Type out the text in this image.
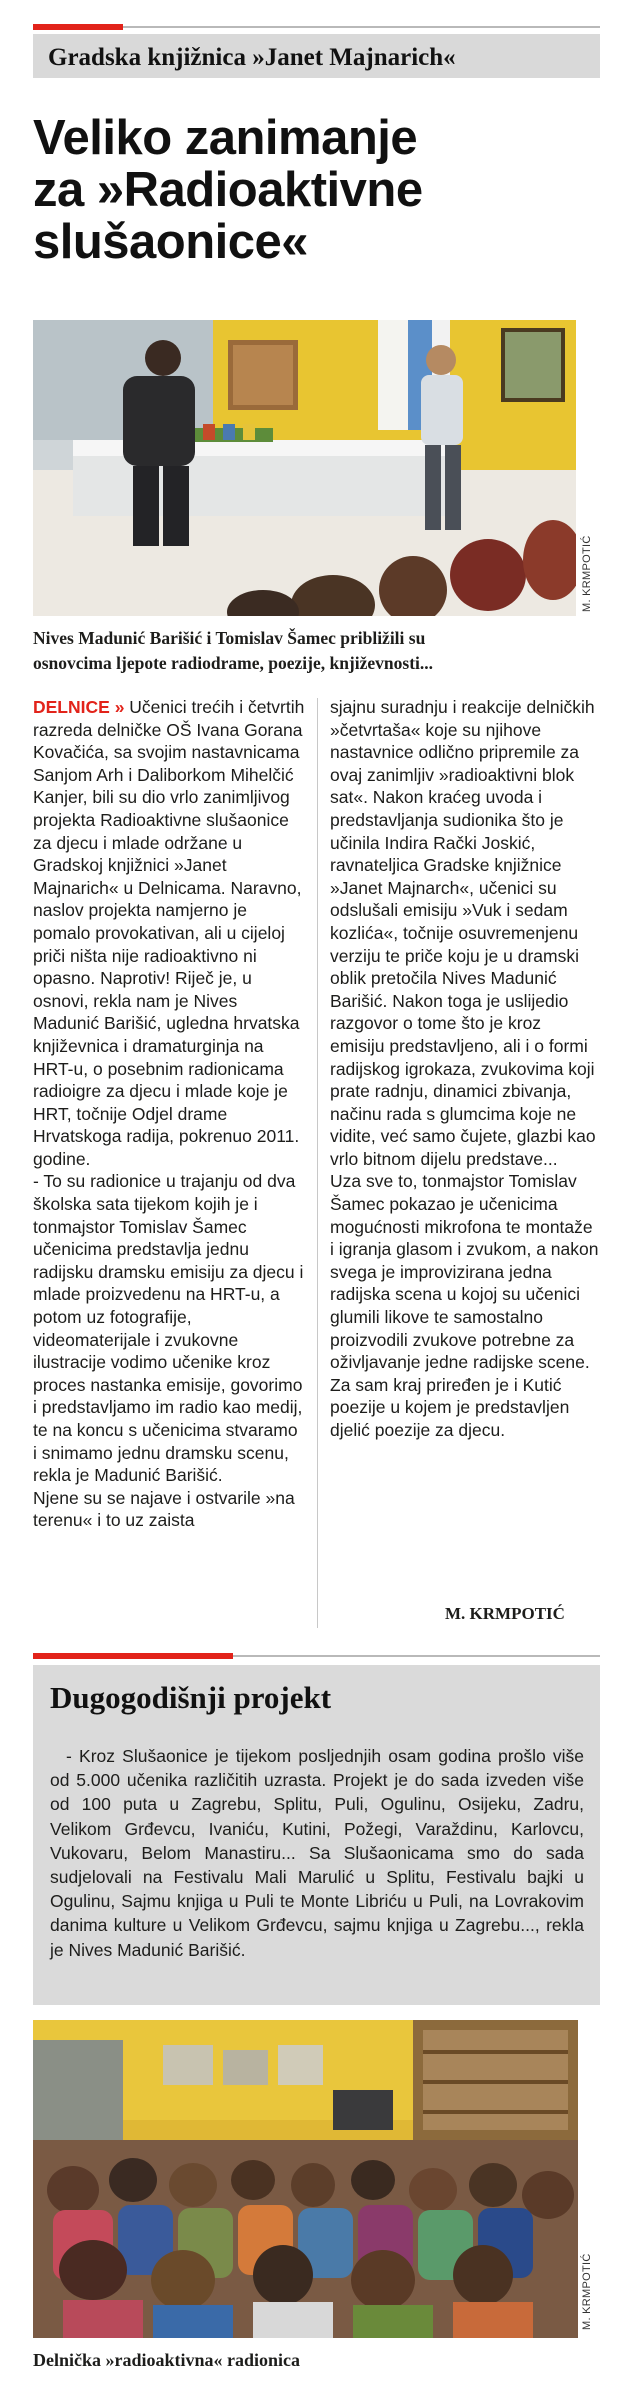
Gradska knjižnica »Janet Majnarich«
Veliko zanimanje
za »Radioaktivne
slušaonice«
M. KRMPOTIĆ
Nives Madunić Barišić i Tomislav Šamec približili su
osnovcima ljepote radiodrame, poezije, književnosti...

DELNICE » Učenici trećih i četvrtih razreda delničke OŠ Ivana Gorana Kovačića, sa svojim nastavnicama Sanjom Arh i Daliborkom Mihelčić Kanjer, bili su dio vrlo zanimljivog projekta Radioaktivne slušaonice za djecu i mlade održane u Gradskoj knjižnici »Janet Majnarich« u Delnicama. Naravno, naslov projekta namjerno je pomalo provokativan, ali u cijeloj priči ništa nije radioaktivno ni opasno. Naprotiv! Riječ je, u osnovi, rekla nam je Nives Madunić Barišić, ugledna hrvatska književnica i dramaturginja na HRT-u, o posebnim radionicama radioigre za djecu i mlade koje je HRT, točnije Odjel drame Hrvatskoga radija, pokrenuo 2011. godine.

- To su radionice u trajanju od dva školska sata tijekom kojih je i tonmajstor Tomislav Šamec učenicima predstavlja jednu radijsku dramsku emisiju za djecu i mlade proizvedenu na HRT-u, a potom uz fotografije, videomaterijale i zvukovne ilustracije vodimo učenike kroz proces nastanka emisije, govorimo i predstavljamo im radio kao medij, te na koncu s učenicima stvaramo i snimamo jednu dramsku scenu, rekla je Madunić Barišić.

Njene su se najave i ostvarile »na terenu« i to uz zaista

sjajnu suradnju i reakcije delničkih »četvrtaša« koje su njihove nastavnice odlično pripremile za ovaj zanimljiv »radioaktivni blok sat«. Nakon kraćeg uvoda i predstavljanja sudionika što je učinila Indira Rački Joskić, ravnateljica Gradske knjižnice »Janet Majnarch«, učenici su odslušali emisiju »Vuk i sedam kozlića«, točnije osuvremenjenu verziju te priče koju je u dramski oblik pretočila Nives Madunić Barišić. Nakon toga je uslijedio razgovor o tome što je kroz emisiju predstavljeno, ali i o formi radijskog igrokaza, zvukovima koji prate radnju, dinamici zbivanja, načinu rada s glumcima koje ne vidite, već samo čujete, glazbi kao vrlo bitnom dijelu predstave...

Uza sve to, tonmajstor Tomislav Šamec pokazao je učenicima mogućnosti mikrofona te montaže i igranja glasom i zvukom, a nakon svega je improvizirana jedna radijska scena u kojoj su učenici glumili likove te samostalno proizvodili zvukove potrebne za oživljavanje jedne radijske scene. Za sam kraj priređen je i Kutić poezije u kojem je predstavljen djelić poezije za djecu.

M. KRMPOTIĆ
Dugogodišnji projekt
- Kroz Slušaonice je tijekom posljednjih osam godina prošlo više od 5.000 učenika različitih uzrasta. Projekt je do sada izveden više od 100 puta u Zagrebu, Splitu, Puli, Ogulinu, Osijeku, Zadru, Velikom Grđevcu, Ivaniću, Kutini, Požegi, Varaždinu, Karlovcu, Vukovaru, Belom Manastiru... Sa Slušaonicama smo do sada sudjelovali na Festivalu Mali Marulić u Splitu, Festivalu bajki u Ogulinu, Sajmu knjiga u Puli te Monte Libriću u Puli, na Lovrakovim danima kulture u Velikom Grđevcu, sajmu knjiga u Zagrebu..., rekla je Nives Madunić Barišić.
M. KRMPOTIĆ
Delnička »radioaktivna« radionica
